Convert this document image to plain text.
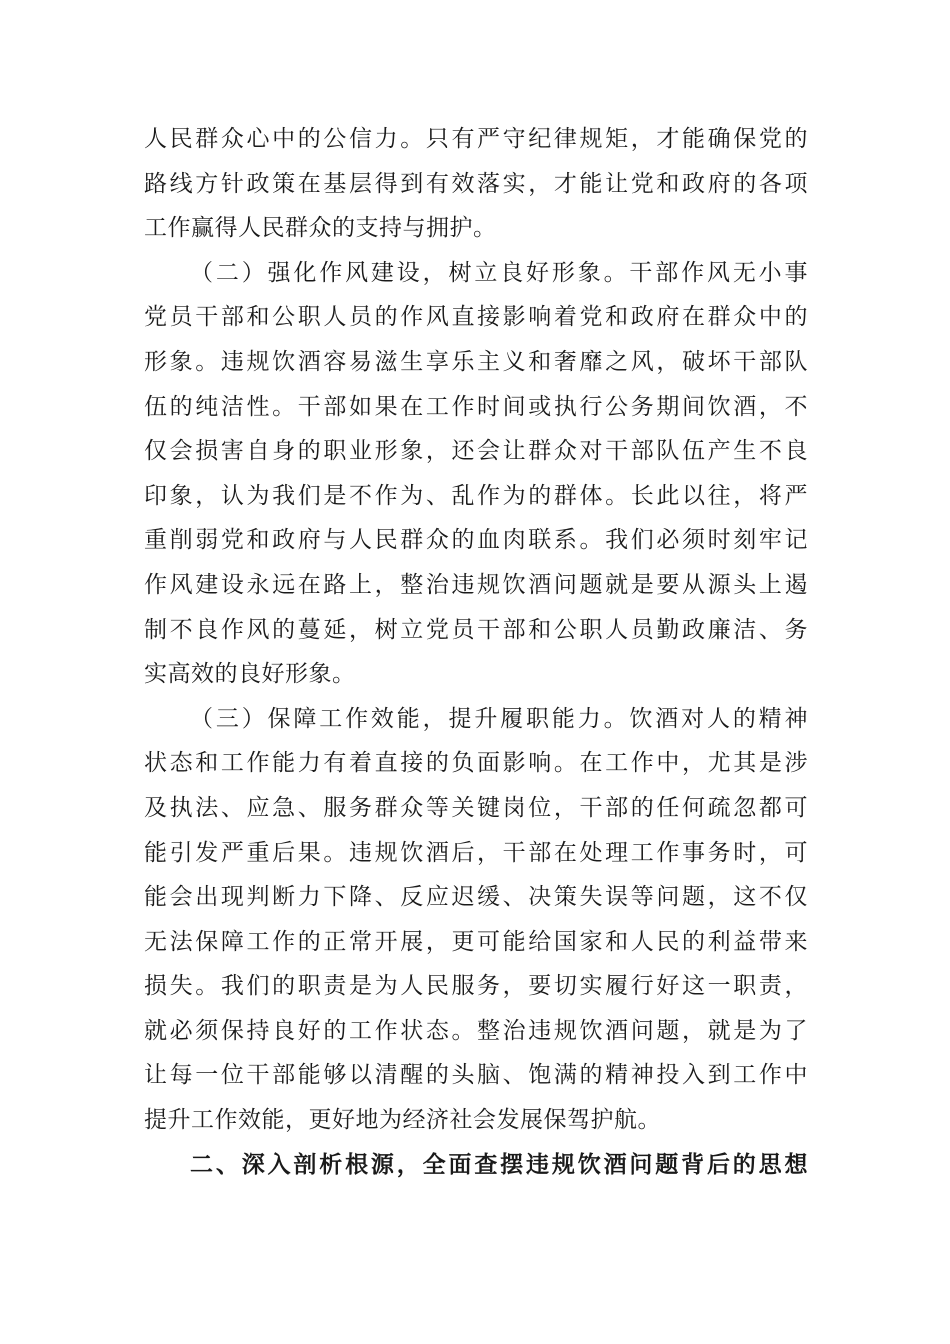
人民群众心中的公信力。只有严守纪律规矩，才能确保党的
路线方针政策在基层得到有效落实，才能让党和政府的各项
工作赢得人民群众的支持与拥护。
（二）强化作风建设，树立良好形象。干部作风无小事
党员干部和公职人员的作风直接影响着党和政府在群众中的
形象。违规饮酒容易滋生享乐主义和奢靡之风，破坏干部队
伍的纯洁性。干部如果在工作时间或执行公务期间饮酒，不
仅会损害自身的职业形象，还会让群众对干部队伍产生不良
印象，认为我们是不作为、乱作为的群体。长此以往，将严
重削弱党和政府与人民群众的血肉联系。我们必须时刻牢记
作风建设永远在路上，整治违规饮酒问题就是要从源头上遏
制不良作风的蔓延，树立党员干部和公职人员勤政廉洁、务
实高效的良好形象。
（三）保障工作效能，提升履职能力。饮酒对人的精神
状态和工作能力有着直接的负面影响。在工作中，尤其是涉
及执法、应急、服务群众等关键岗位，干部的任何疏忽都可
能引发严重后果。违规饮酒后，干部在处理工作事务时，可
能会出现判断力下降、反应迟缓、决策失误等问题，这不仅
无法保障工作的正常开展，更可能给国家和人民的利益带来
损失。我们的职责是为人民服务，要切实履行好这一职责，
就必须保持良好的工作状态。整治违规饮酒问题，就是为了
让每一位干部能够以清醒的头脑、饱满的精神投入到工作中
提升工作效能，更好地为经济社会发展保驾护航。
二、深入剖析根源，全面查摆违规饮酒问题背后的思想
